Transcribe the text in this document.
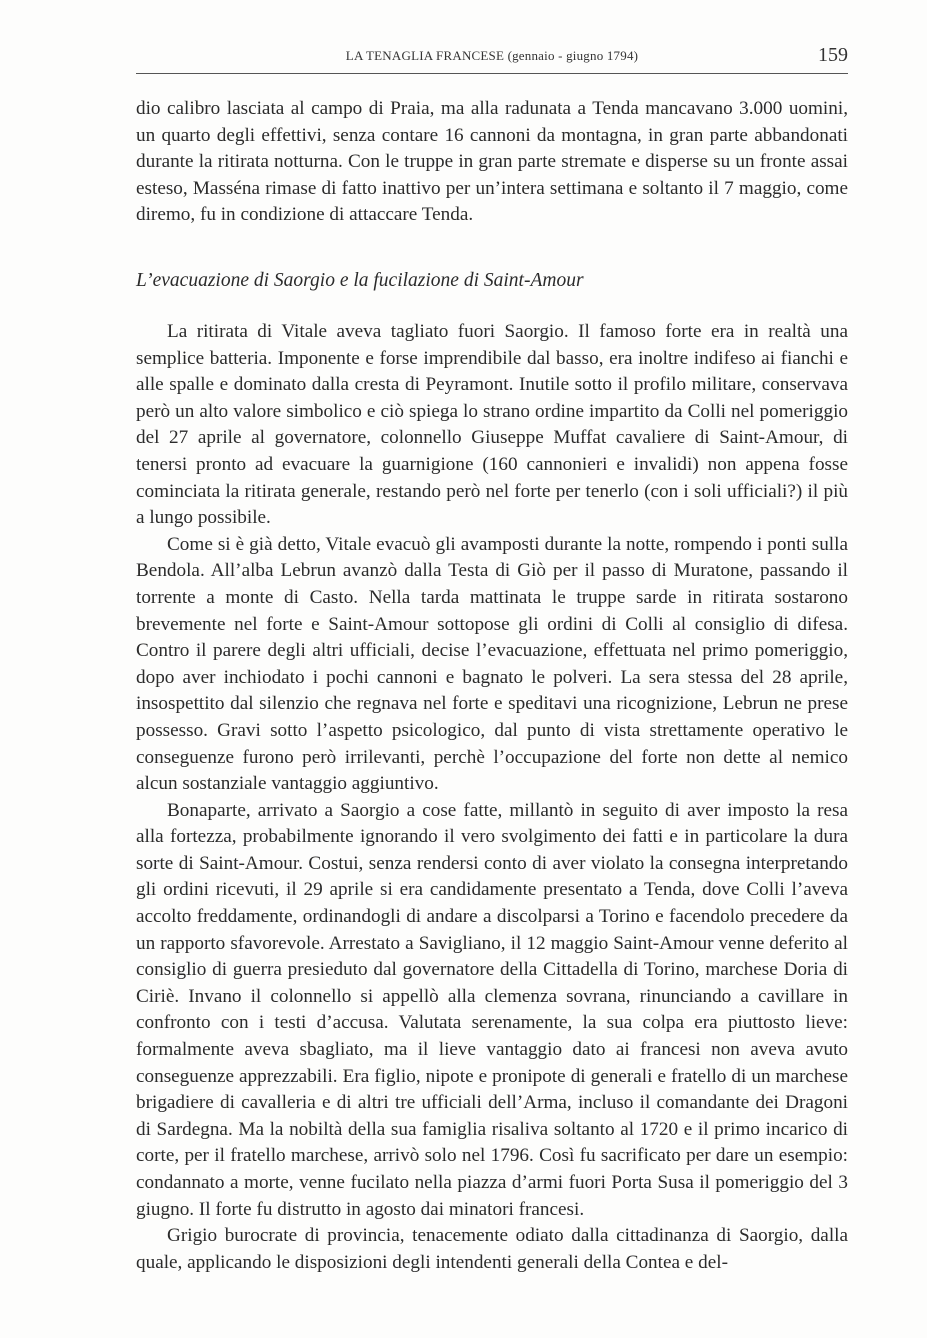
LA TENAGLIA FRANCESE (gennaio - giugno 1794)	159

dio calibro lasciata al campo di Praia, ma alla radunata a Tenda mancavano 3.000 uomini, un quarto degli effettivi, senza contare 16 cannoni da montagna, in gran parte abbandonati durante la ritirata notturna. Con le truppe in gran parte stremate e disperse su un fronte assai esteso, Masséna rimase di fatto inattivo per un’intera settimana e soltanto il 7 maggio, come diremo, fu in condizione di attaccare Tenda.

L’evacuazione di Saorgio e la fucilazione di Saint-Amour

La ritirata di Vitale aveva tagliato fuori Saorgio. Il famoso forte era in realtà una semplice batteria. Imponente e forse imprendibile dal basso, era inoltre indifeso ai fianchi e alle spalle e dominato dalla cresta di Peyramont. Inutile sotto il profilo militare, conservava però un alto valore simbolico e ciò spiega lo strano ordine impartito da Colli nel pomeriggio del 27 aprile al governatore, colonnello Giuseppe Muffat cavaliere di Saint-Amour, di tenersi pronto ad evacuare la guarnigione (160 cannonieri e invalidi) non appena fosse cominciata la ritirata generale, restando però nel forte per tenerlo (con i soli ufficiali?) il più a lungo possibile.

Come si è già detto, Vitale evacuò gli avamposti durante la notte, rompendo i ponti sulla Bendola. All’alba Lebrun avanzò dalla Testa di Giò per il passo di Muratone, passando il torrente a monte di Casto. Nella tarda mattinata le truppe sarde in ritirata sostarono brevemente nel forte e Saint-Amour sottopose gli ordini di Colli al consiglio di difesa. Contro il parere degli altri ufficiali, decise l’evacuazione, effettuata nel primo pomeriggio, dopo aver inchiodato i pochi cannoni e bagnato le polveri. La sera stessa del 28 aprile, insospettito dal silenzio che regnava nel forte e speditavi una ricognizione, Lebrun ne prese possesso. Gravi sotto l’aspetto psicologico, dal punto di vista strettamente operativo le conseguenze furono però irrilevanti, perchè l’occupazione del forte non dette al nemico alcun sostanziale vantaggio aggiuntivo.

Bonaparte, arrivato a Saorgio a cose fatte, millantò in seguito di aver imposto la resa alla fortezza, probabilmente ignorando il vero svolgimento dei fatti e in particolare la dura sorte di Saint-Amour. Costui, senza rendersi conto di aver violato la consegna interpretando gli ordini ricevuti, il 29 aprile si era candidamente presentato a Tenda, dove Colli l’aveva accolto freddamente, ordinandogli di andare a discolparsi a Torino e facendolo precedere da un rapporto sfavorevole. Arrestato a Savigliano, il 12 maggio Saint-Amour venne deferito al consiglio di guerra presieduto dal governatore della Cittadella di Torino, marchese Doria di Ciriè. Invano il colonnello si appellò alla clemenza sovrana, rinunciando a cavillare in confronto con i testi d’accusa. Valutata serenamente, la sua colpa era piuttosto lieve: formalmente aveva sbagliato, ma il lieve vantaggio dato ai francesi non aveva avuto conseguenze apprezzabili. Era figlio, nipote e pronipote di generali e fratello di un marchese brigadiere di cavalleria e di altri tre ufficiali dell’Arma, incluso il comandante dei Dragoni di Sardegna. Ma la nobiltà della sua famiglia risaliva soltanto al 1720 e il primo incarico di corte, per il fratello marchese, arrivò solo nel 1796. Così fu sacrificato per dare un esempio: condannato a morte, venne fucilato nella piazza d’armi fuori Porta Susa il pomeriggio del 3 giugno. Il forte fu distrutto in agosto dai minatori francesi.

Grigio burocrate di provincia, tenacemente odiato dalla cittadinanza di Saorgio, dalla quale, applicando le disposizioni degli intendenti generali della Contea e del-
